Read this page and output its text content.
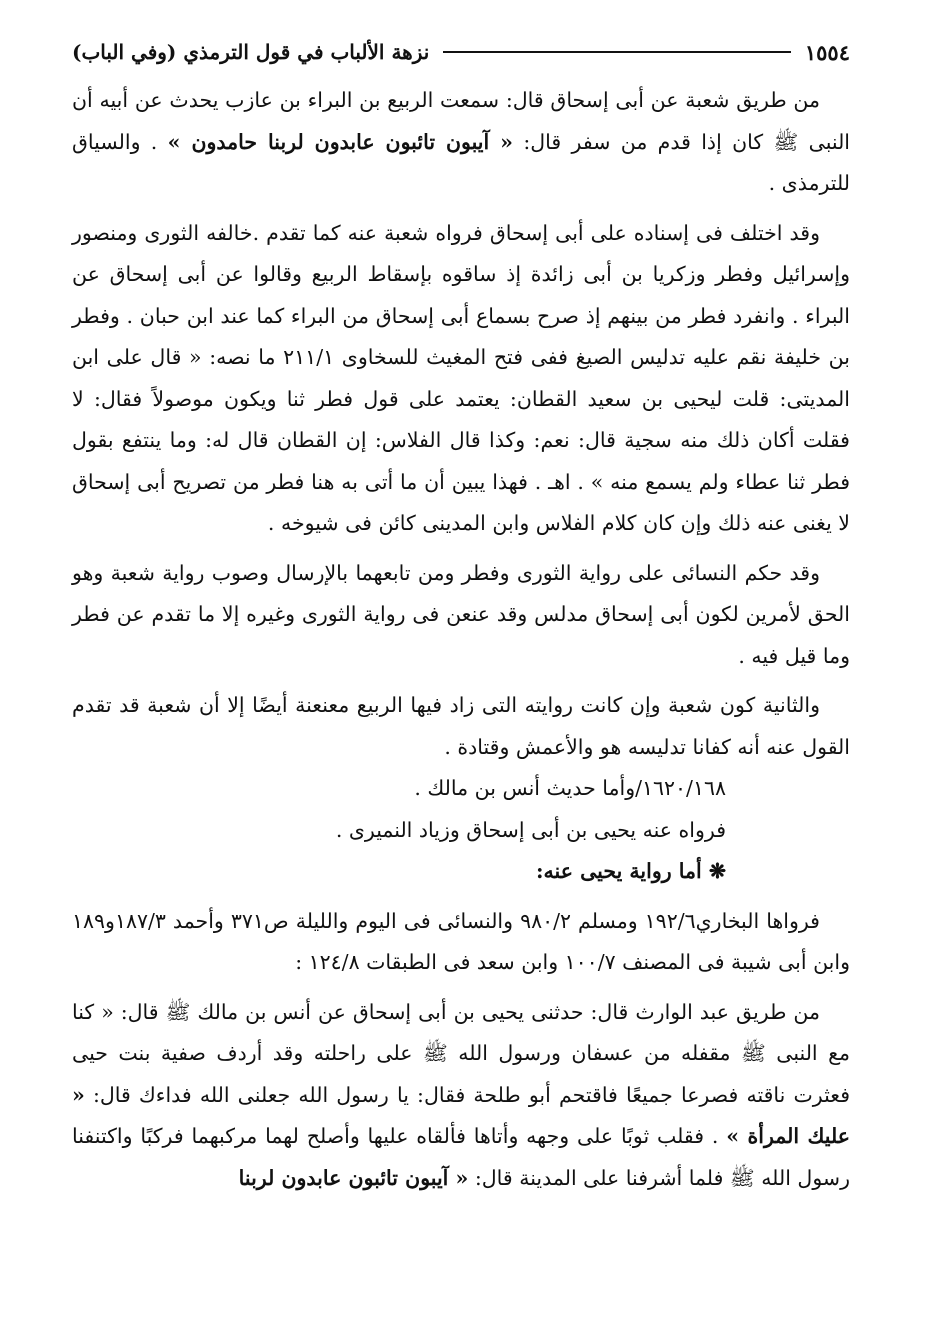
١٥٥٤
نزهة الألباب في قول الترمذي (وفي الباب)

من طريق شعبة عن أبى إسحاق قال: سمعت الربيع بن البراء بن عازب يحدث عن أبيه أن النبى ﷺ كان إذا قدم من سفر قال: « آيبون تائبون عابدون لربنا حامدون » . والسياق للترمذى .

وقد اختلف فى إسناده على أبى إسحاق فرواه شعبة عنه كما تقدم .خالفه الثورى ومنصور وإسرائيل وفطر وزكريا بن أبى زائدة إذ ساقوه بإسقاط الربيع وقالوا عن أبى إسحاق عن البراء . وانفرد فطر من بينهم إذ صرح بسماع أبى إسحاق من البراء كما عند ابن حبان . وفطر بن خليفة نقم عليه تدليس الصيغ ففى فتح المغيث للسخاوى ٢١١/١ ما نصه: « قال على ابن المديتى: قلت ليحيى بن سعيد القطان: يعتمد على قول فطر ثنا ويكون موصولاً فقال: لا فقلت أكان ذلك منه سجية قال: نعم: وكذا قال الفلاس: إن القطان قال له: وما ينتفع بقول فطر ثنا عطاء ولم يسمع منه » . اهـ . فهذا يبين أن ما أتى به هنا فطر من تصريح أبى إسحاق لا يغنى عنه ذلك وإن كان كلام الفلاس وابن المدينى كائن فى شيوخه .

وقد حكم النسائى على رواية الثورى وفطر ومن تابعهما بالإرسال وصوب رواية شعبة وهو الحق لأمرين لكون أبى إسحاق مدلس وقد عنعن فى رواية الثورى وغيره إلا ما تقدم عن فطر وما قيل فيه .

والثانية كون شعبة وإن كانت روايته التى زاد فيها الربيع معنعنة أيضًا إلا أن شعبة قد تقدم القول عنه أنه كفانا تدليسه هو والأعمش وقتادة .

١٦٢٠/١٦٨/وأما حديث أنس بن مالك .

فرواه عنه يحيى بن أبى إسحاق وزياد النميرى .

❋ أما رواية يحيى عنه:

فرواها البخاري١٩٢/٦ ومسلم ٩٨٠/٢ والنسائى فى اليوم والليلة ص٣٧١ وأحمد ١٨٧/٣و١٨٩ وابن أبى شيبة فى المصنف ١٠٠/٧ وابن سعد فى الطبقات ١٢٤/٨ :

من طريق عبد الوارث قال: حدثنى يحيى بن أبى إسحاق عن أنس بن مالك ﷺ قال: « كنا مع النبى ﷺ مقفله من عسفان ورسول الله ﷺ على راحلته وقد أردف صفية بنت حيى فعثرت ناقته فصرعا جميعًا فاقتحم أبو طلحة فقال: يا رسول الله جعلنى الله فداءك قال: « عليك المرأة » . فقلب ثوبًا على وجهه وأتاها فألقاه عليها وأصلح لهما مركبهما فركبًا واكتنفنا رسول الله ﷺ فلما أشرفنا على المدينة قال: « آيبون تائبون عابدون لربنا
